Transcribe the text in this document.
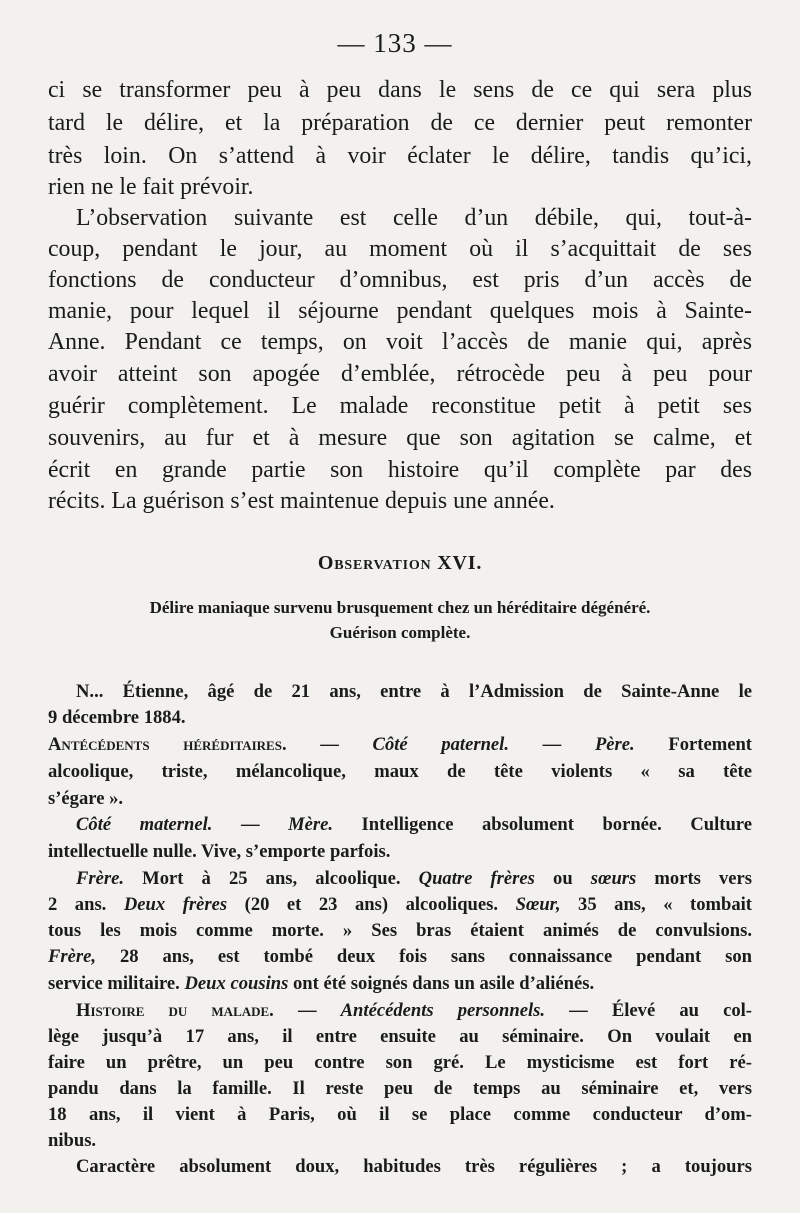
— 133 —
ci se transformer peu à peu dans le sens de ce qui sera plus
tard le délire, et la préparation de ce dernier peut remonter
très loin. On s’attend à voir éclater le délire, tandis qu’ici,
rien ne le fait prévoir.
L’observation suivante est celle d’un débile, qui, tout-à-
coup, pendant le jour, au moment où il s’acquittait de ses
fonctions de conducteur d’omnibus, est pris d’un accès de
manie, pour lequel il séjourne pendant quelques mois à Sainte-
Anne. Pendant ce temps, on voit l’accès de manie qui, après
avoir atteint son apogée d’emblée, rétrocède peu à peu pour
guérir complètement. Le malade reconstitue petit à petit ses
souvenirs, au fur et à mesure que son agitation se calme, et
écrit en grande partie son histoire qu’il complète par des
récits. La guérison s’est maintenue depuis une année.
Observation XVI.
Délire maniaque survenu brusquement chez un héréditaire dégénéré.
Guérison complète.
N... Étienne, âgé de 21 ans, entre à l’Admission de Sainte-Anne le
9 décembre 1884.
Antécédents héréditaires. — Côté paternel. — Père. Fortement
alcoolique, triste, mélancolique, maux de tête violents « sa tête
s’égare ».
Côté maternel. — Mère. Intelligence absolument bornée. Culture
intellectuelle nulle. Vive, s’emporte parfois.
Frère. Mort à 25 ans, alcoolique. Quatre frères ou sœurs morts vers
2 ans. Deux frères (20 et 23 ans) alcooliques. Sœur, 35 ans, « tombait
tous les mois comme morte. » Ses bras étaient animés de convulsions.
Frère, 28 ans, est tombé deux fois sans connaissance pendant son
service militaire. Deux cousins ont été soignés dans un asile d’aliénés.
Histoire du malade. — Antécédents personnels. — Élevé au col-
lège jusqu’à 17 ans, il entre ensuite au séminaire. On voulait en
faire un prêtre, un peu contre son gré. Le mysticisme est fort ré-
pandu dans la famille. Il reste peu de temps au séminaire et, vers
18 ans, il vient à Paris, où il se place comme conducteur d’om-
nibus.
Caractère absolument doux, habitudes très régulières ; a toujours
